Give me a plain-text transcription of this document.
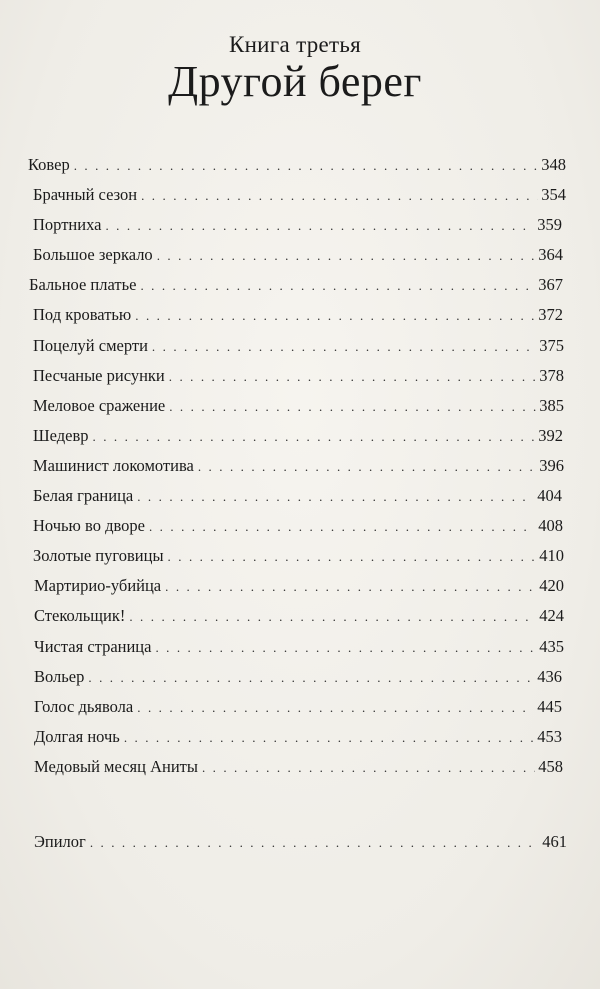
Книга третья
Другой берег
Ковер . . .	348
Брачный сезон . . .	354
Портниха . . .	359
Большое зеркало . . .	364
Бальное платье . . .	367
Под кроватью . . .	372
Поцелуй смерти . . .	375
Песчаные рисунки . . .	378
Меловое сражение . . .	385
Шедевр . . .	392
Машинист локомотива . . .	396
Белая граница . . .	404
Ночью во дворе . . .	408
Золотые пуговицы . . .	410
Мартирио-убийца . . .	420
Стекольщик! . . .	424
Чистая страница . . .	435
Вольер . . .	436
Голос дьявола . . .	445
Долгая ночь . . .	453
Медовый месяц Аниты . . .	458
Эпилог . . .	461
